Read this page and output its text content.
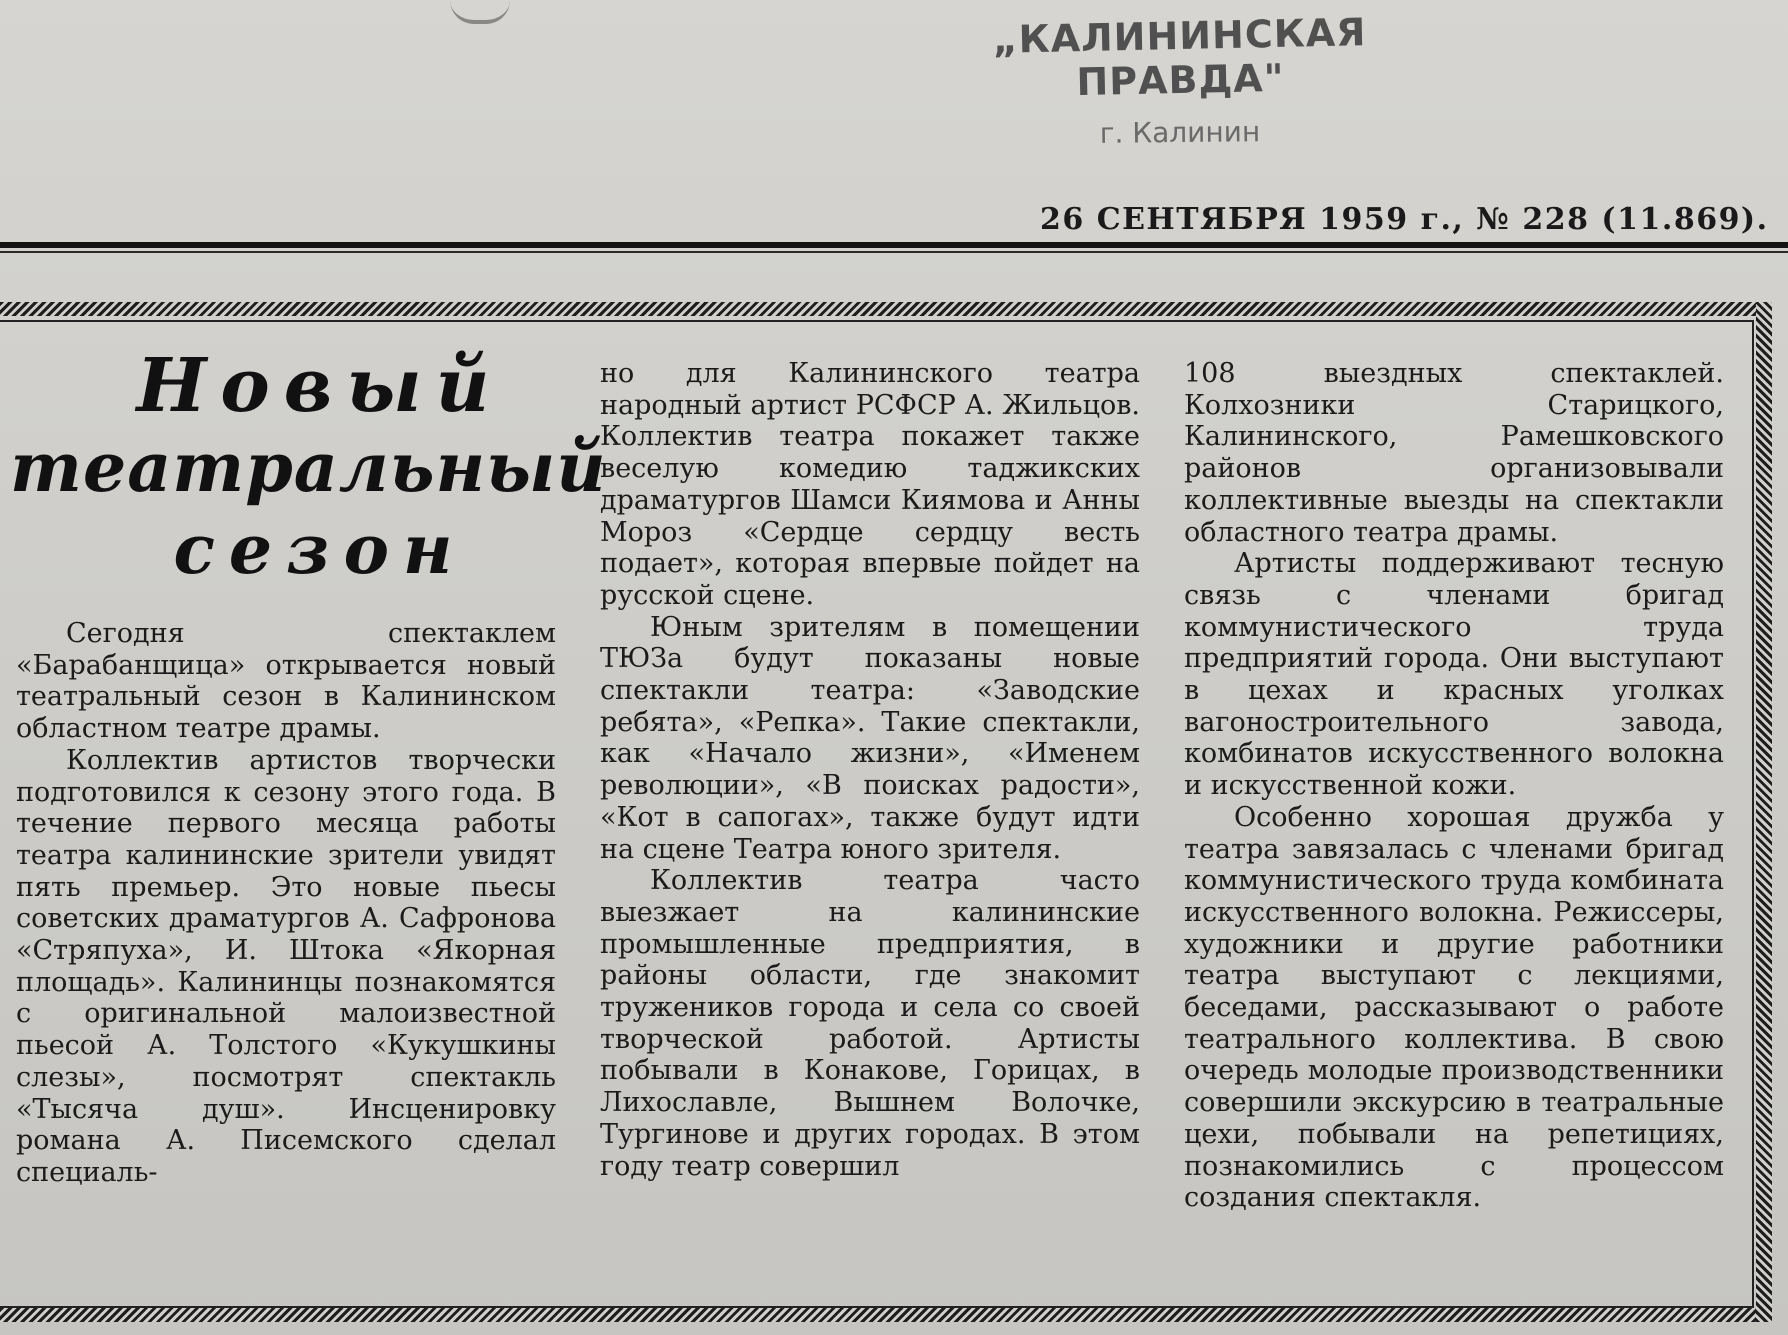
„КАЛИНИНСКАЯ ПРАВДА"
г. Калинин
26 СЕНТЯБРЯ 1959 г., № 228 (11.869).
Новый
театральный
сезон

Сегодня спектаклем «Барабанщица» открывается новый театральный сезон в Калининском областном театре драмы.

Коллектив артистов творчески подготовился к сезону этого года. В течение первого месяца работы театра калининские зрители увидят пять премьер. Это новые пьесы советских драматургов А. Сафронова «Стряпуха», И. Штока «Якорная площадь». Калининцы познакомятся с оригинальной малоизвестной пьесой А. Толстого «Кукушкины слезы», посмотрят спектакль «Тысяча душ». Инсценировку романа А. Писемского сделал специаль-

но для Калининского театра народный артист РСФСР А. Жильцов. Коллектив театра покажет также веселую комедию таджикских драматургов Шамси Киямова и Анны Мороз «Сердце сердцу весть подает», которая впервые пойдет на русской сцене.

Юным зрителям в помещении ТЮЗа будут показаны новые спектакли театра: «Заводские ребята», «Репка». Такие спектакли, как «Начало жизни», «Именем революции», «В поисках радости», «Кот в сапогах», также будут идти на сцене Театра юного зрителя.

Коллектив театра часто выезжает на калининские промышленные предприятия, в районы области, где знакомит тружеников города и села со своей творческой работой. Артисты побывали в Конакове, Горицах, в Лихославле, Вышнем Волочке, Тургинове и других городах. В этом году театр совершил

108 выездных спектаклей. Колхозники Старицкого, Калининского, Рамешковского районов организовывали коллективные выезды на спектакли областного театра драмы.

Артисты поддерживают тесную связь с членами бригад коммунистического труда предприятий города. Они выступают в цехах и красных уголках вагоностроительного завода, комбинатов искусственного волокна и искусственной кожи.

Особенно хорошая дружба у театра завязалась с членами бригад коммунистического труда комбината искусственного волокна. Режиссеры, художники и другие работники театра выступают с лекциями, беседами, рассказывают о работе театрального коллектива. В свою очередь молодые производственники совершили экскурсию в театральные цехи, побывали на репетициях, познакомились с процессом создания спектакля.
